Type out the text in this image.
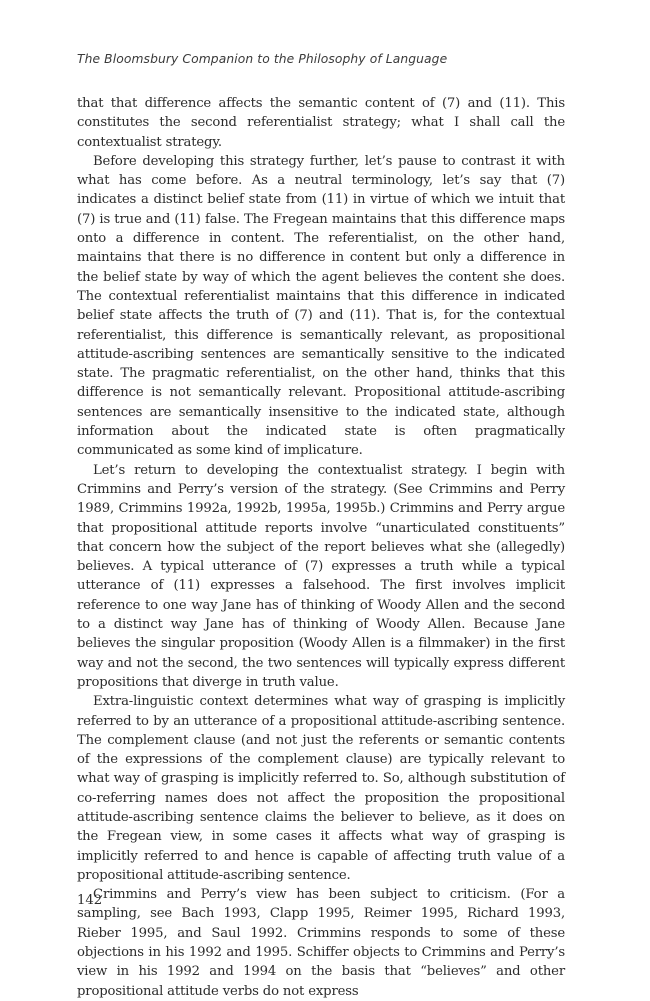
The Bloomsbury Companion to the Philosophy of Language

that that difference affects the semantic content of (7) and (11). This constitutes the second referentialist strategy; what I shall call the contextualist strategy.

Before developing this strategy further, let’s pause to contrast it with what has come before. As a neutral terminology, let’s say that (7) indicates a distinct belief state from (11) in virtue of which we intuit that (7) is true and (11) false. The Fregean maintains that this difference maps onto a difference in content. The referentialist, on the other hand, maintains that there is no difference in content but only a difference in the belief state by way of which the agent believes the content she does. The contextual referentialist maintains that this difference in indicated belief state affects the truth of (7) and (11). That is, for the contextual referentialist, this difference is semantically relevant, as propositional attitude-ascribing sentences are semantically sensitive to the indicated state. The pragmatic referentialist, on the other hand, thinks that this difference is not semantically relevant. Propositional attitude-ascribing sentences are semantically insensitive to the indicated state, although information about the indicated state is often pragmatically communicated as some kind of implicature.

Let’s return to developing the contextualist strategy. I begin with Crimmins and Perry’s version of the strategy. (See Crimmins and Perry 1989, Crimmins 1992a, 1992b, 1995a, 1995b.) Crimmins and Perry argue that propositional attitude reports involve “unarticulated constituents” that concern how the subject of the report believes what she (allegedly) believes. A typical utterance of (7) expresses a truth while a typical utterance of (11) expresses a falsehood. The first involves implicit reference to one way Jane has of thinking of Woody Allen and the second to a distinct way Jane has of thinking of Woody Allen. Because Jane believes the singular proposition (Woody Allen is a filmmaker) in the first way and not the second, the two sentences will typically express different propositions that diverge in truth value.

Extra-linguistic context determines what way of grasping is implicitly referred to by an utterance of a propositional attitude-ascribing sentence. The complement clause (and not just the referents or semantic contents of the expressions of the complement clause) are typically relevant to what way of grasping is implicitly referred to. So, although substitution of co-referring names does not affect the proposition the propositional attitude-ascribing sentence claims the believer to believe, as it does on the Fregean view, in some cases it affects what way of grasping is implicitly referred to and hence is capable of affecting truth value of a propositional attitude-ascribing sentence.

Crimmins and Perry’s view has been subject to criticism. (For a sampling, see Bach 1993, Clapp 1995, Reimer 1995, Richard 1993, Rieber 1995, and Saul 1992. Crimmins responds to some of these objections in his 1992 and 1995. Schiffer objects to Crimmins and Perry’s view in his 1992 and 1994 on the basis that “believes” and other propositional attitude verbs do not express

142
